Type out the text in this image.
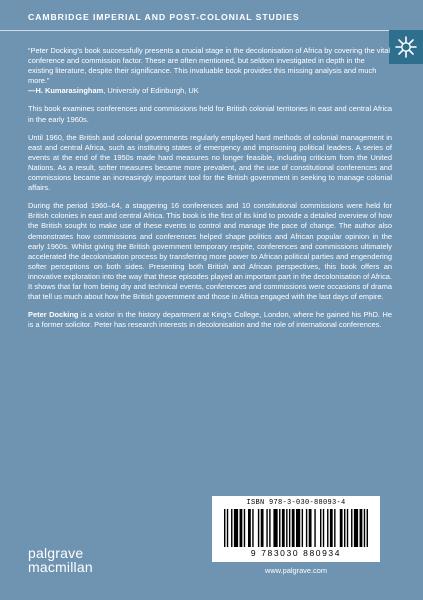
CAMBRIDGE IMPERIAL AND POST-COLONIAL STUDIES

“Peter Docking’s book successfully presents a crucial stage in the decolonisation of Africa by covering the vital conference and commission factor. These are often mentioned, but seldom investigated in depth in the existing literature, despite their significance. This invaluable book provides this missing analysis and much more.”

—H. Kumarasingham, University of Edinburgh, UK

This book examines conferences and commissions held for British colonial territories in east and central Africa in the early 1960s.

Until 1960, the British and colonial governments regularly employed hard methods of colonial management in east and central Africa, such as instituting states of emergency and imprisoning political leaders. A series of events at the end of the 1950s made hard measures no longer feasible, including criticism from the United Nations. As a result, softer measures became more prevalent, and the use of constitutional conferences and commissions became an increasingly important tool for the British government in seeking to manage colonial affairs.

During the period 1960–64, a staggering 16 conferences and 10 constitutional commissions were held for British colonies in east and central Africa. This book is the first of its kind to provide a detailed overview of how the British sought to make use of these events to control and manage the pace of change. The author also demonstrates how commissions and conferences helped shape politics and African popular opinion in the early 1960s. Whilst giving the British government temporary respite, conferences and commissions ultimately accelerated the decolonisation process by transferring more power to African political parties and engendering softer perceptions on both sides. Presenting both British and African perspectives, this book offers an innovative exploration into the way that these episodes played an important part in the decolonisation of Africa. It shows that far from being dry and technical events, conferences and commissions were occasions of drama that tell us much about how the British government and those in Africa engaged with the last days of empire.

Peter Docking is a visitor in the history department at King’s College, London, where he gained his PhD. He is a former solicitor. Peter has research interests in decolonisation and the role of international conferences.

ISBN 978-3-030-88093-4
9 783030 880934
www.palgrave.com
palgrave
macmillan
